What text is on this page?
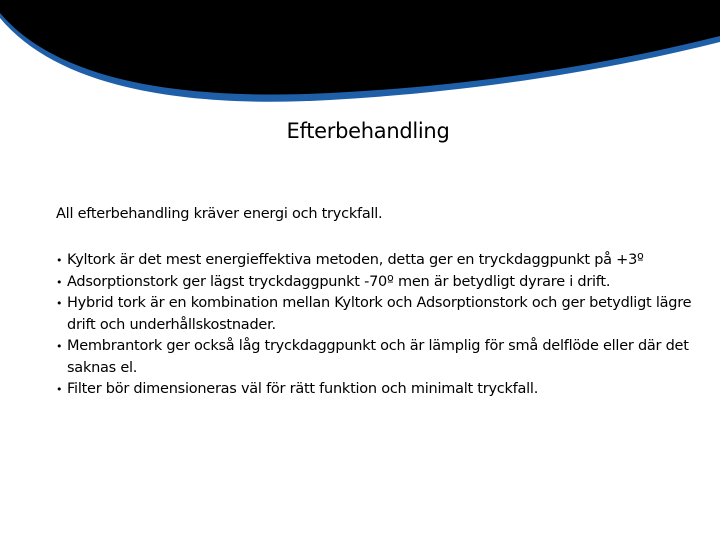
Efterbehandling
All efterbehandling kräver energi och tryckfall.
• Kyltork är det mest energieffektiva metoden, detta ger en tryckdaggpunkt på +3º
• Adsorptionstork ger lägst tryckdaggpunkt -70º men är betydligt dyrare i drift.
• Hybrid tork är en kombination mellan Kyltork och Adsorptionstork och ger betydligt lägre drift och underhållskostnader.
• Membrantork ger också låg tryckdaggpunkt och är lämplig för små delflöde eller där det saknas el.
• Filter bör dimensioneras väl för rätt funktion och minimalt tryckfall.
